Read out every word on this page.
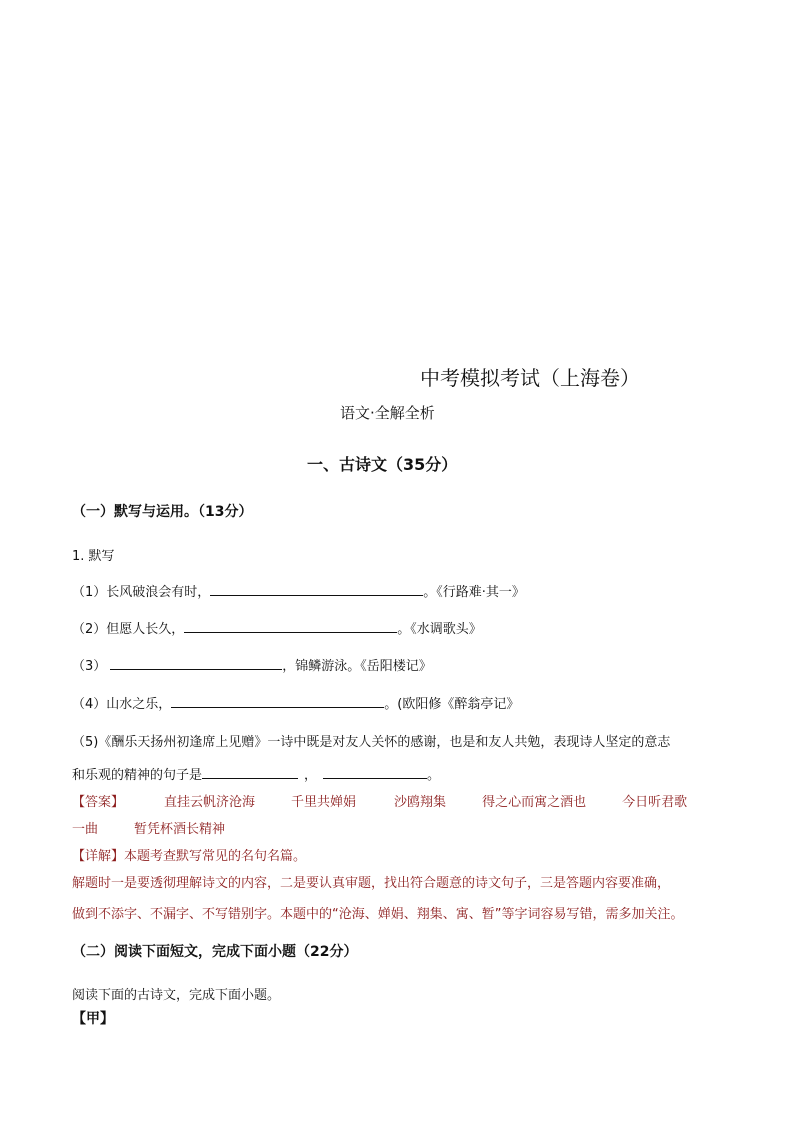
中考模拟考试（上海卷）
语文·全解全析
一、古诗文（35分）
（一）默写与运用。（13分）
1. 默写
（1）长风破浪会有时，	。《行路难·其一》
（2）但愿人长久，	。《水调歌头》
（3）	，锦鳞游泳。《岳阳楼记》
（4）山水之乐，	。(欧阳修《醉翁亭记》
（5)《酬乐天扬州初逢席上见赠》一诗中既是对友人关怀的感谢，也是和友人共勉，表现诗人坚定的意志
和乐观的精神的句子是	，	。
【答案】	直挂云帆济沧海	千里共婵娟	沙鸥翔集	得之心而寓之酒也	今日听君歌
一曲	暂凭杯酒长精神
【详解】本题考查默写常见的名句名篇。
解题时一是要透彻理解诗文的内容，二是要认真审题，找出符合题意的诗文句子，三是答题内容要准确，
做到不添字、不漏字、不写错别字。本题中的“沧海、婵娟、翔集、寓、暂”等字词容易写错，需多加关注。
（二）阅读下面短文，完成下面小题（22分）
阅读下面的古诗文，完成下面小题。
【甲】
